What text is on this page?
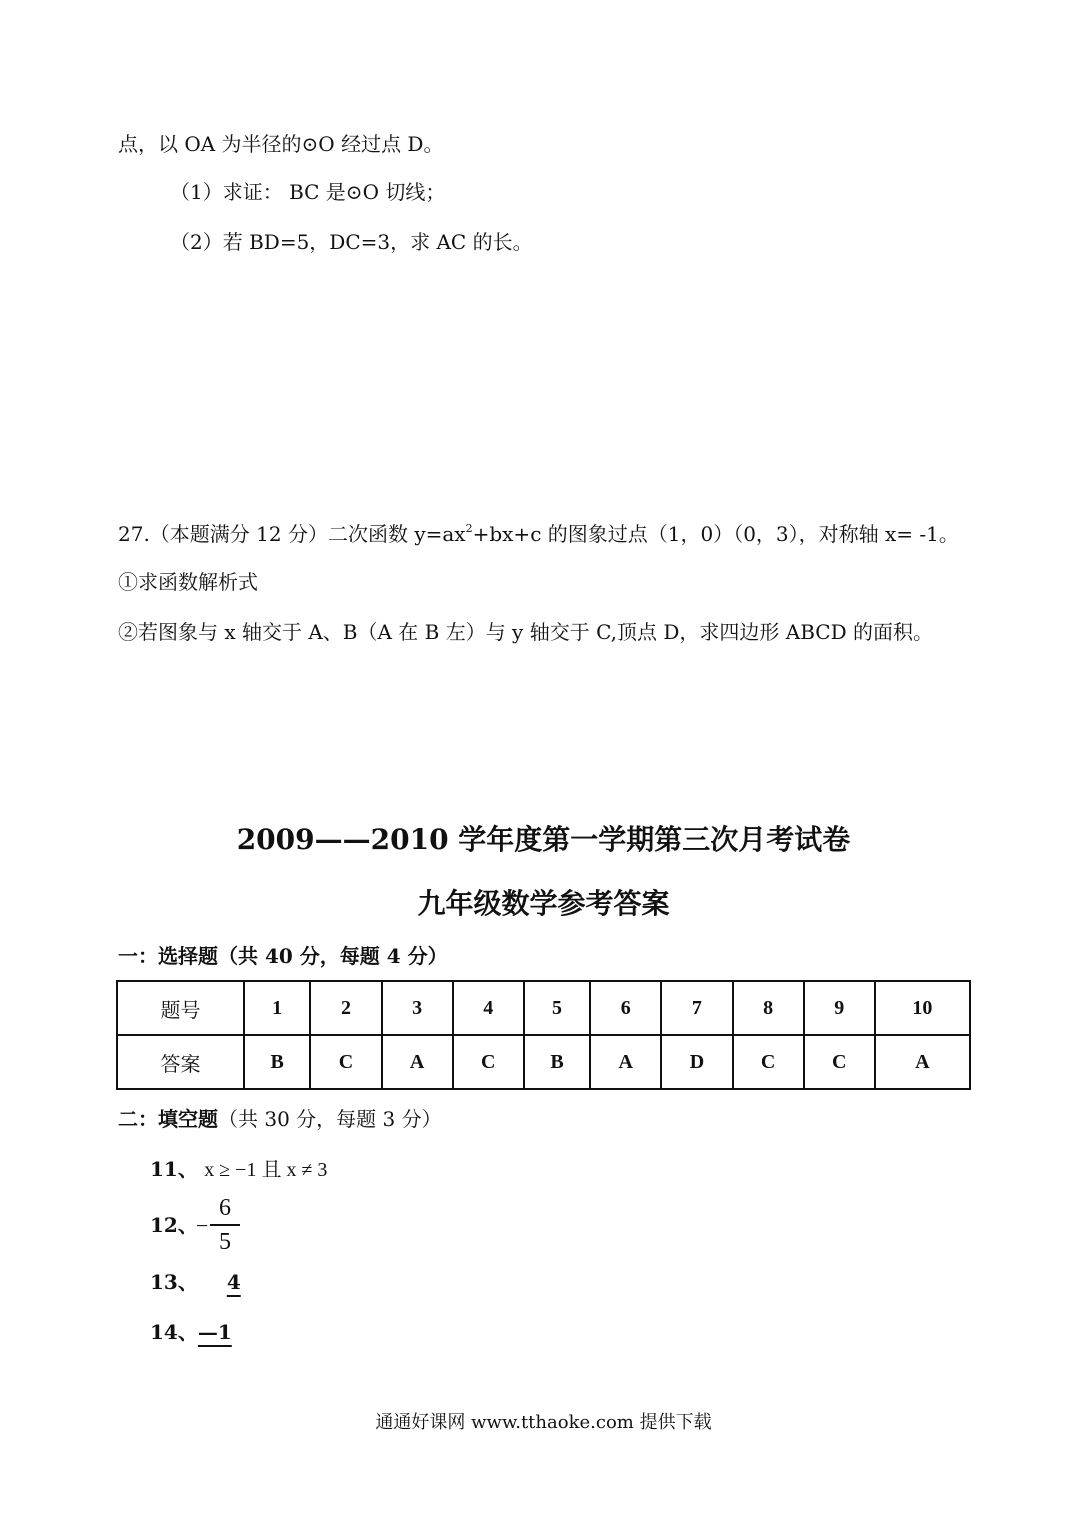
点，以 OA 为半径的⊙O 经过点 D。
（1）求证： BC 是⊙O 切线；
（2）若 BD=5，DC=3，求 AC 的长。
27.（本题满分 12 分）二次函数 $y=ax^2+bx+c$ 的图象过点（1，0）（0，3），对称轴 x= -1。
①求函数解析式
②若图象与 x 轴交于 A、B（A 在 B 左）与 y 轴交于 C,顶点 D，求四边形 ABCD 的面积。
2009——2010 学年度第一学期第三次月考试卷
九年级数学参考答案
一：选择题（共 40 分，每题 4 分）
题号	1	2	3	4	5	6	7	8	9	10
答案	B	C	A	C	B	A	D	C	C	A
二：填空题（共 30 分，每题 3 分）
11、 x ≥ −1 且 x ≠ 3
12、
−
6
5
13、 4
14、—1
通通好课网 www.tthaoke.com 提供下载
